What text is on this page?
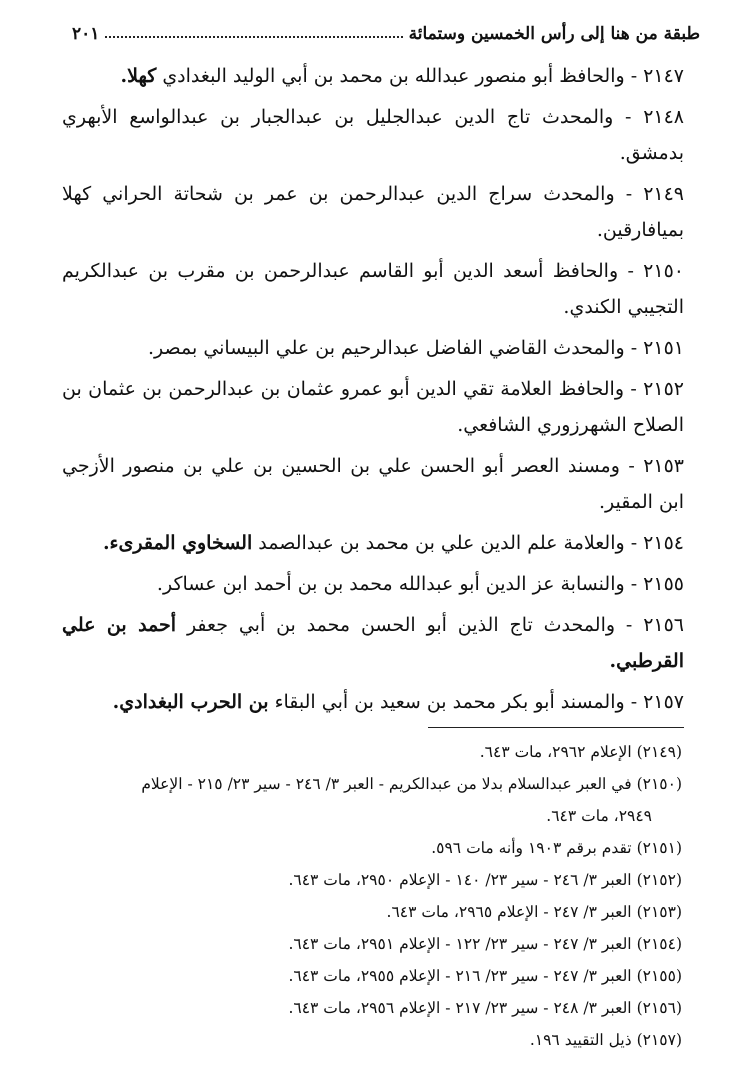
طبقة من هنا إلى رأس الخمسين وستمائة
٢٠١

٢١٤٧ - والحافظ أبو منصور عبدالله بن محمد بن أبي الوليد البغدادي كهلا.

٢١٤٨ - والمحدث تاج الدين عبدالجليل بن عبدالجبار بن عبدالواسع الأبهري بدمشق.

٢١٤٩ - والمحدث سراج الدين عبدالرحمن بن عمر بن شحاتة الحراني كهلا بميافارقين.

٢١٥٠ - والحافظ أسعد الدين أبو القاسم عبدالرحمن بن مقرب بن عبدالكريم التجيبي الكندي.

٢١٥١ - والمحدث القاضي الفاضل عبدالرحيم بن علي البيساني بمصر.

٢١٥٢ - والحافظ العلامة تقي الدين أبو عمرو عثمان بن عبدالرحمن بن عثمان بن الصلاح الشهرزوري الشافعي.

٢١٥٣ - ومسند العصر أبو الحسن علي بن الحسين بن علي بن منصور الأزجي ابن المقير.

٢١٥٤ - والعلامة علم الدين علي بن محمد بن عبدالصمد السخاوي المقرىء.

٢١٥٥ - والنسابة عز الدين أبو عبدالله محمد بن بن أحمد ابن عساكر.

٢١٥٦ - والمحدث تاج الذين أبو الحسن محمد بن أبي جعفر أحمد بن علي القرطبي.

٢١٥٧ - والمسند أبو بكر محمد بن سعيد بن أبي البقاء بن الحرب البغدادي.

(٢١٤٩) الإعلام ٢٩٦٢، مات ٦٤٣.

(٢١٥٠) في العبر عبدالسلام بدلا من عبدالكريم - العبر ٣/ ٢٤٦ - سير ٢٣/ ٢١٥ - الإعلام
٢٩٤٩، مات ٦٤٣.

(٢١٥١) تقدم برقم ١٩٠٣ وأنه مات ٥٩٦.

(٢١٥٢) العبر ٣/ ٢٤٦ - سير ٢٣/ ١٤٠ - الإعلام ٢٩٥٠، مات ٦٤٣.

(٢١٥٣) العبر ٣/ ٢٤٧ - الإعلام ٢٩٦٥، مات ٦٤٣.

(٢١٥٤) العبر ٣/ ٢٤٧ - سير ٢٣/ ١٢٢ - الإعلام ٢٩٥١، مات ٦٤٣.

(٢١٥٥) العبر ٣/ ٢٤٧ - سير ٢٣/ ٢١٦ - الإعلام ٢٩٥٥، مات ٦٤٣.

(٢١٥٦) العبر ٣/ ٢٤٨ - سير ٢٣/ ٢١٧ - الإعلام ٢٩٥٦، مات ٦٤٣.

(٢١٥٧) ذيل التقييد ١٩٦.
